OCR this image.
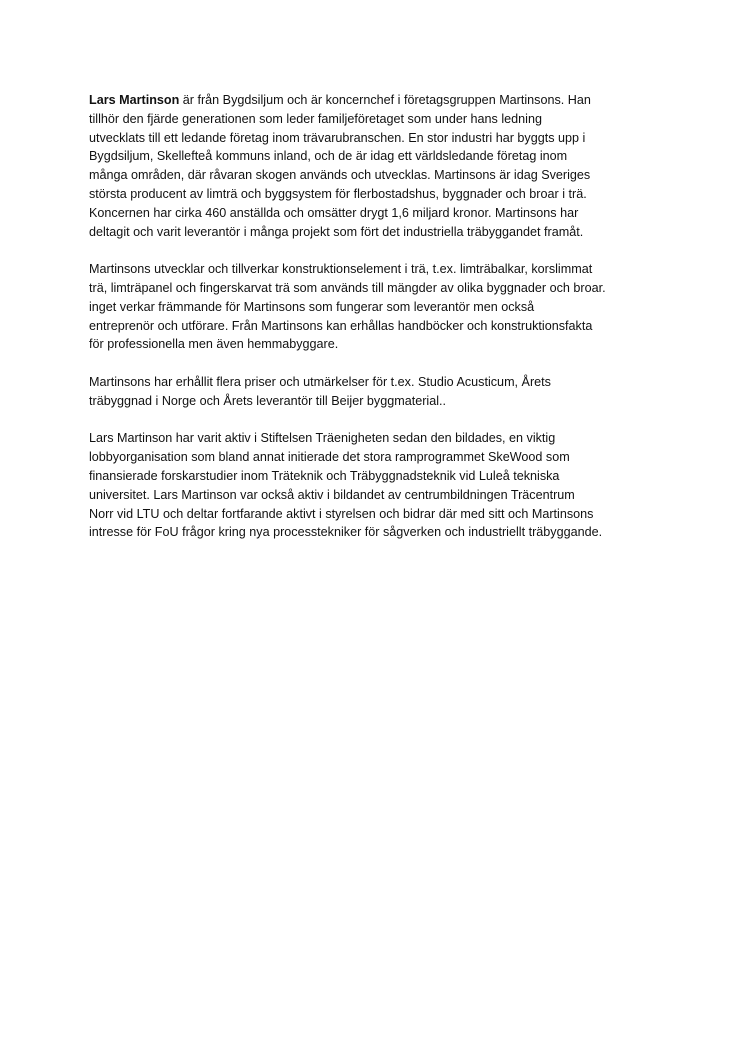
Lars Martinson är från Bygdsiljum och är koncernchef i företagsgruppen Martinsons. Han
tillhör den fjärde generationen som leder familjeföretaget som under hans ledning
utvecklats till ett ledande företag inom trävarubranschen. En stor industri har byggts upp i
Bygdsiljum, Skellefteå kommuns inland, och de är idag ett världsledande företag inom
många områden, där råvaran skogen används och utvecklas. Martinsons är idag Sveriges
största producent av limträ och byggsystem för flerbostadshus, byggnader och broar i trä.
Koncernen har cirka 460 anställda och omsätter drygt 1,6 miljard kronor. Martinsons har
deltagit och varit leverantör i många projekt som fört det industriella träbyggandet framåt.
Martinsons utvecklar och tillverkar konstruktionselement i trä, t.ex. limträbalkar, korslimmat
trä, limträpanel och fingerskarvat trä som används till mängder av olika byggnader och broar.
inget verkar främmande för Martinsons som fungerar som leverantör men också
entreprenör och utförare. Från Martinsons kan erhållas handböcker och konstruktionsfakta
för professionella men även hemmabyggare.
Martinsons har erhållit flera priser och utmärkelser för t.ex. Studio Acusticum, Årets
träbyggnad i Norge och Årets leverantör till Beijer byggmaterial..
Lars Martinson har varit aktiv i Stiftelsen Träenigheten sedan den bildades, en viktig
lobbyorganisation som bland annat initierade det stora ramprogrammet SkeWood som
finansierade forskarstudier inom Träteknik och Träbyggnadsteknik vid Luleå tekniska
universitet. Lars Martinson var också aktiv i bildandet av centrumbildningen Träcentrum
Norr vid LTU och deltar fortfarande aktivt i styrelsen och bidrar där med sitt och Martinsons
intresse för FoU frågor kring nya processtekniker för sågverken och industriellt träbyggande.
